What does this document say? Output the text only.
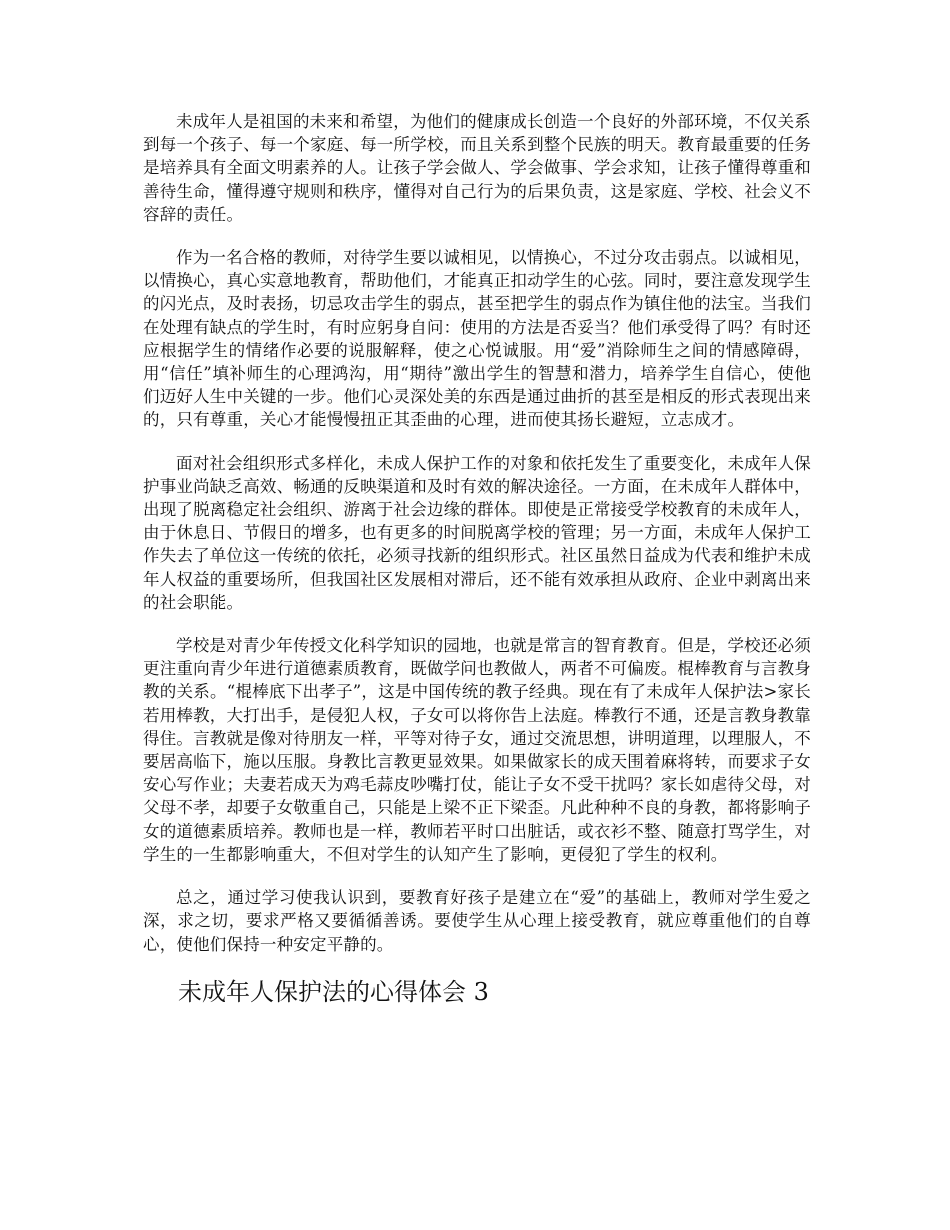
未成年人是祖国的未来和希望，为他们的健康成长创造一个良好的外部环境，不仅关系到每一个孩子、每一个家庭、每一所学校，而且关系到整个民族的明天。教育最重要的任务是培养具有全面文明素养的人。让孩子学会做人、学会做事、学会求知，让孩子懂得尊重和善待生命，懂得遵守规则和秩序，懂得对自己行为的后果负责，这是家庭、学校、社会义不容辞的责任。

作为一名合格的教师，对待学生要以诚相见，以情换心，不过分攻击弱点。以诚相见，以情换心，真心实意地教育，帮助他们，才能真正扣动学生的心弦。同时，要注意发现学生的闪光点，及时表扬，切忌攻击学生的弱点，甚至把学生的弱点作为镇住他的法宝。当我们在处理有缺点的学生时，有时应躬身自问：使用的方法是否妥当？他们承受得了吗？有时还应根据学生的情绪作必要的说服解释，使之心悦诚服。用“爱”消除师生之间的情感障碍，用“信任”填补师生的心理鸿沟，用“期待”激出学生的智慧和潜力，培养学生自信心，使他们迈好人生中关键的一步。他们心灵深处美的东西是通过曲折的甚至是相反的形式表现出来的，只有尊重，关心才能慢慢扭正其歪曲的心理，进而使其扬长避短，立志成才。

面对社会组织形式多样化，未成人保护工作的对象和依托发生了重要变化，未成年人保护事业尚缺乏高效、畅通的反映渠道和及时有效的解决途径。一方面，在未成年人群体中，出现了脱离稳定社会组织、游离于社会边缘的群体。即使是正常接受学校教育的未成年人，由于休息日、节假日的增多，也有更多的时间脱离学校的管理；另一方面，未成年人保护工作失去了单位这一传统的依托，必须寻找新的组织形式。社区虽然日益成为代表和维护未成年人权益的重要场所，但我国社区发展相对滞后，还不能有效承担从政府、企业中剥离出来的社会职能。

学校是对青少年传授文化科学知识的园地，也就是常言的智育教育。但是，学校还必须更注重向青少年进行道德素质教育，既做学问也教做人，两者不可偏废。棍棒教育与言教身教的关系。“棍棒底下出孝子”，这是中国传统的教子经典。现在有了未成年人保护法>家长若用棒教，大打出手，是侵犯人权，子女可以将你告上法庭。棒教行不通，还是言教身教靠得住。言教就是像对待朋友一样，平等对待子女，通过交流思想，讲明道理，以理服人，不要居高临下，施以压服。身教比言教更显效果。如果做家长的成天围着麻将转，而要求子女安心写作业；夫妻若成天为鸡毛蒜皮吵嘴打仗，能让子女不受干扰吗？家长如虐待父母，对父母不孝，却要子女敬重自己，只能是上梁不正下梁歪。凡此种种不良的身教，都将影响子女的道德素质培养。教师也是一样，教师若平时口出脏话，或衣衫不整、随意打骂学生，对学生的一生都影响重大，不但对学生的认知产生了影响，更侵犯了学生的权利。

总之，通过学习使我认识到，要教育好孩子是建立在“爱”的基础上，教师对学生爱之深，求之切，要求严格又要循循善诱。要使学生从心理上接受教育，就应尊重他们的自尊心，使他们保持一种安定平静的。

未成年人保护法的心得体会 3
